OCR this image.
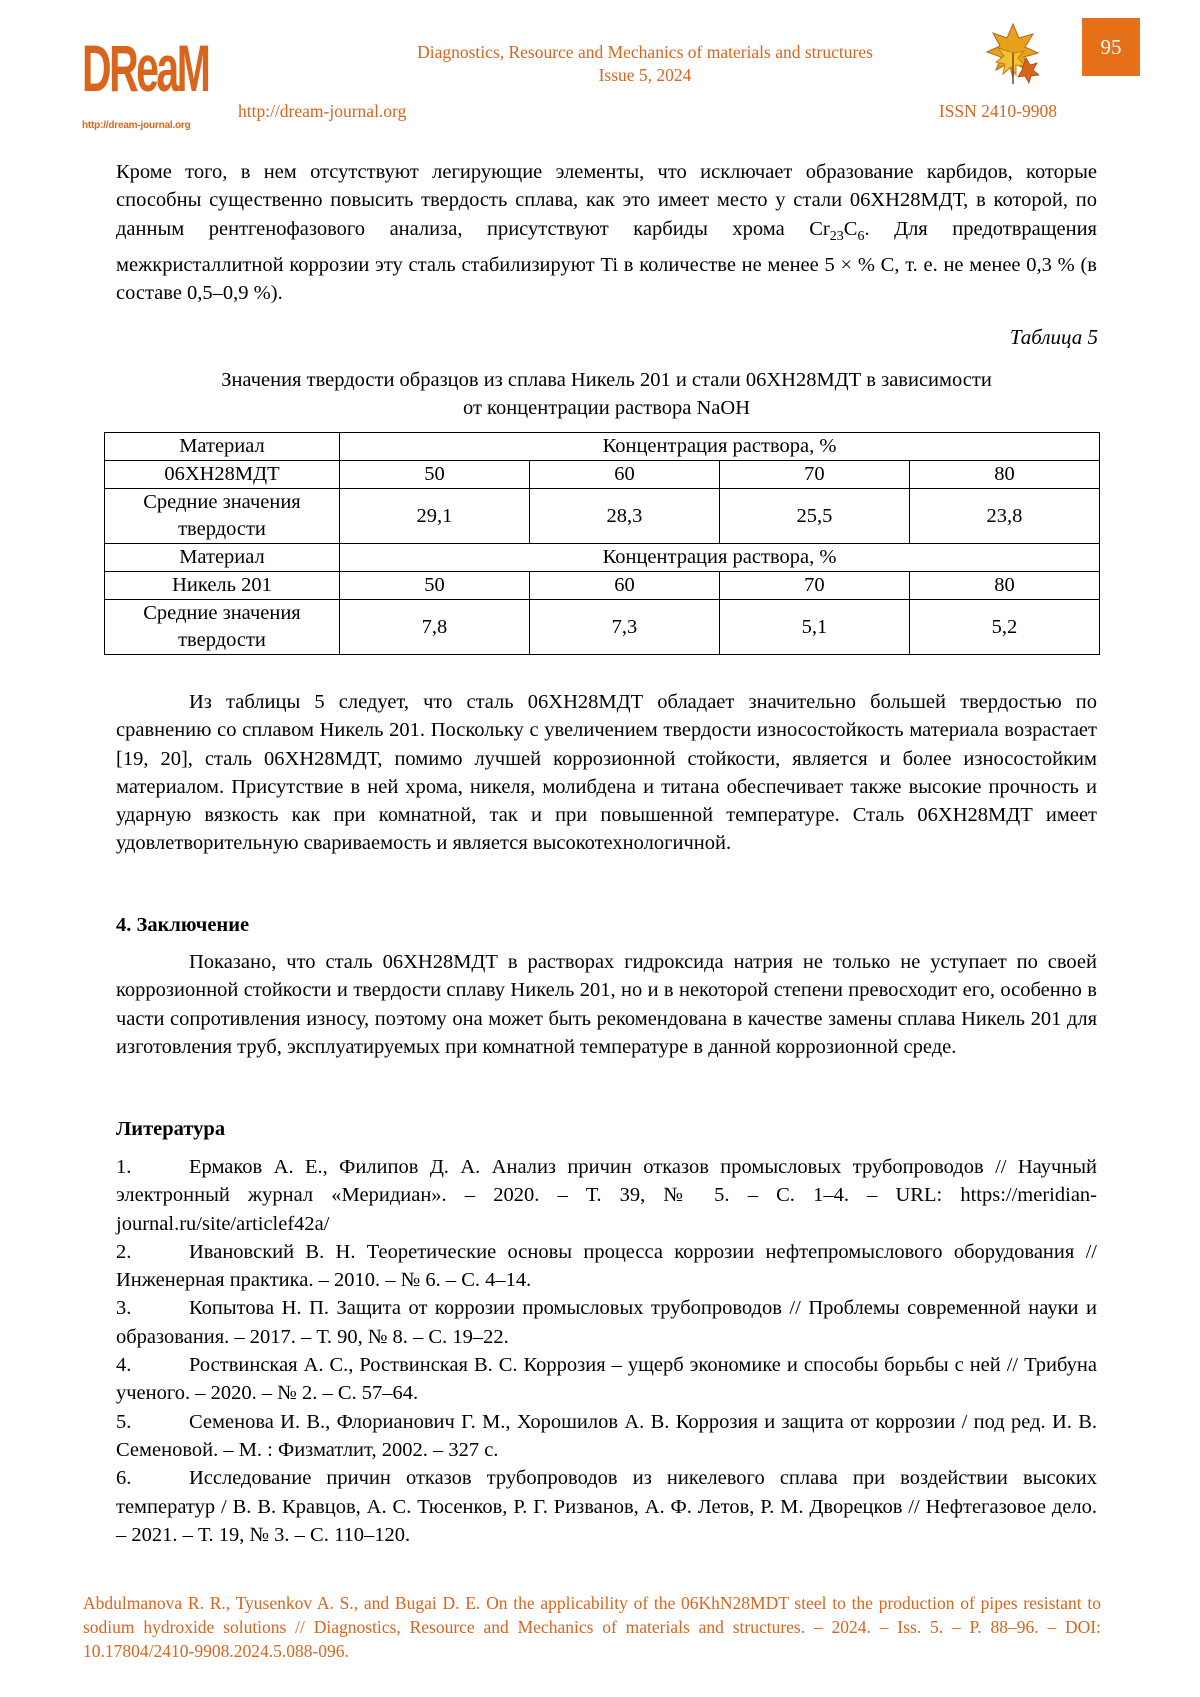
DReaM
http://dream-journal.org
Diagnostics, Resource and Mechanics of materials and structures
Issue 5, 2024
http://dream-journal.org	ISSN 2410-9908
95

Кроме того, в нем отсутствуют легирующие элементы, что исключает образование карбидов, которые способны существенно повысить твердость сплава, как это имеет место у стали 06ХН28МДТ, в которой, по данным рентгенофазового анализа, присутствуют карбиды хрома $Cr_{23}C_6$. Для предотвращения межкристаллитной коррозии эту сталь стабилизируют Ti в количестве не менее 5 × % С, т. е. не менее 0,3 % (в составе 0,5–0,9 %).

Таблица 5
Значения твердости образцов из сплава Никель 201 и стали 06ХН28МДТ в зависимости
от концентрации раствора NaOH
Материал	Концентрация раствора, %			
06ХН28МДТ	50	60	70	80

Средние значения
твердости	29,1	28,3	25,5	23,8
Материал	Концентрация раствора, %			
Никель 201	50	60	70	80

Средние значения
твердости	7,8	7,3	5,1	5,2

Из таблицы 5 следует, что сталь 06ХН28МДТ обладает значительно большей твердостью по сравнению со сплавом Никель 201. Поскольку с увеличением твердости износостойкость материала возрастает [19, 20], сталь 06ХН28МДТ, помимо лучшей коррозионной стойкости, является и более износостойким материалом. Присутствие в ней хрома, никеля, молибдена и титана обеспечивает также высокие прочность и ударную вязкость как при комнатной, так и при повышенной температуре. Сталь 06ХН28МДТ имеет удовлетворительную свариваемость и является высокотехнологичной.

4. Заключение

Показано, что сталь 06ХН28МДТ в растворах гидроксида натрия не только не уступает по своей коррозионной стойкости и твердости сплаву Никель 201, но и в некоторой степени превосходит его, особенно в части сопротивления износу, поэтому она может быть рекомендована в качестве замены сплава Никель 201 для изготовления труб, эксплуатируемых при комнатной температуре в данной коррозионной среде.

Литература

1.	Ермаков А. Е., Филипов Д. А. Анализ причин отказов промысловых трубопроводов // Научный электронный журнал «Меридиан». – 2020. – Т. 39, № 5. – С. 1–4. – URL: https://meridian-journal.ru/site/articlef42a/

2.	Ивановский В. Н. Теоретические основы процесса коррозии нефтепромыслового оборудования // Инженерная практика. – 2010. – № 6. – С. 4–14.

3.	Копытова Н. П. Защита от коррозии промысловых трубопроводов // Проблемы современной науки и образования. – 2017. – Т. 90, № 8. – С. 19–22.

4.	Роствинская А. С., Роствинская В. С. Коррозия – ущерб экономике и способы борьбы с ней // Трибуна ученого. – 2020. – № 2. – С. 57–64.

5.	Семенова И. В., Флорианович Г. М., Хорошилов А. В. Коррозия и защита от коррозии / под ред. И. В. Семеновой. – М. : Физматлит, 2002. – 327 с.

6.	Исследование причин отказов трубопроводов из никелевого сплава при воздействии высоких температур / В. В. Кравцов, А. С. Тюсенков, Р. Г. Ризванов, А. Ф. Летов, Р. М. Дворецков // Нефтегазовое дело. – 2021. – Т. 19, № 3. – С. 110–120.

Abdulmanova R. R., Tyusenkov A. S., and Bugai D. E. On the applicability of the 06KhN28MDT steel to the production of pipes resistant to sodium hydroxide solutions // Diagnostics, Resource and Mechanics of materials and structures. – 2024. – Iss. 5. – P. 88–96. – DOI: 10.17804/2410-9908.2024.5.088-096.
